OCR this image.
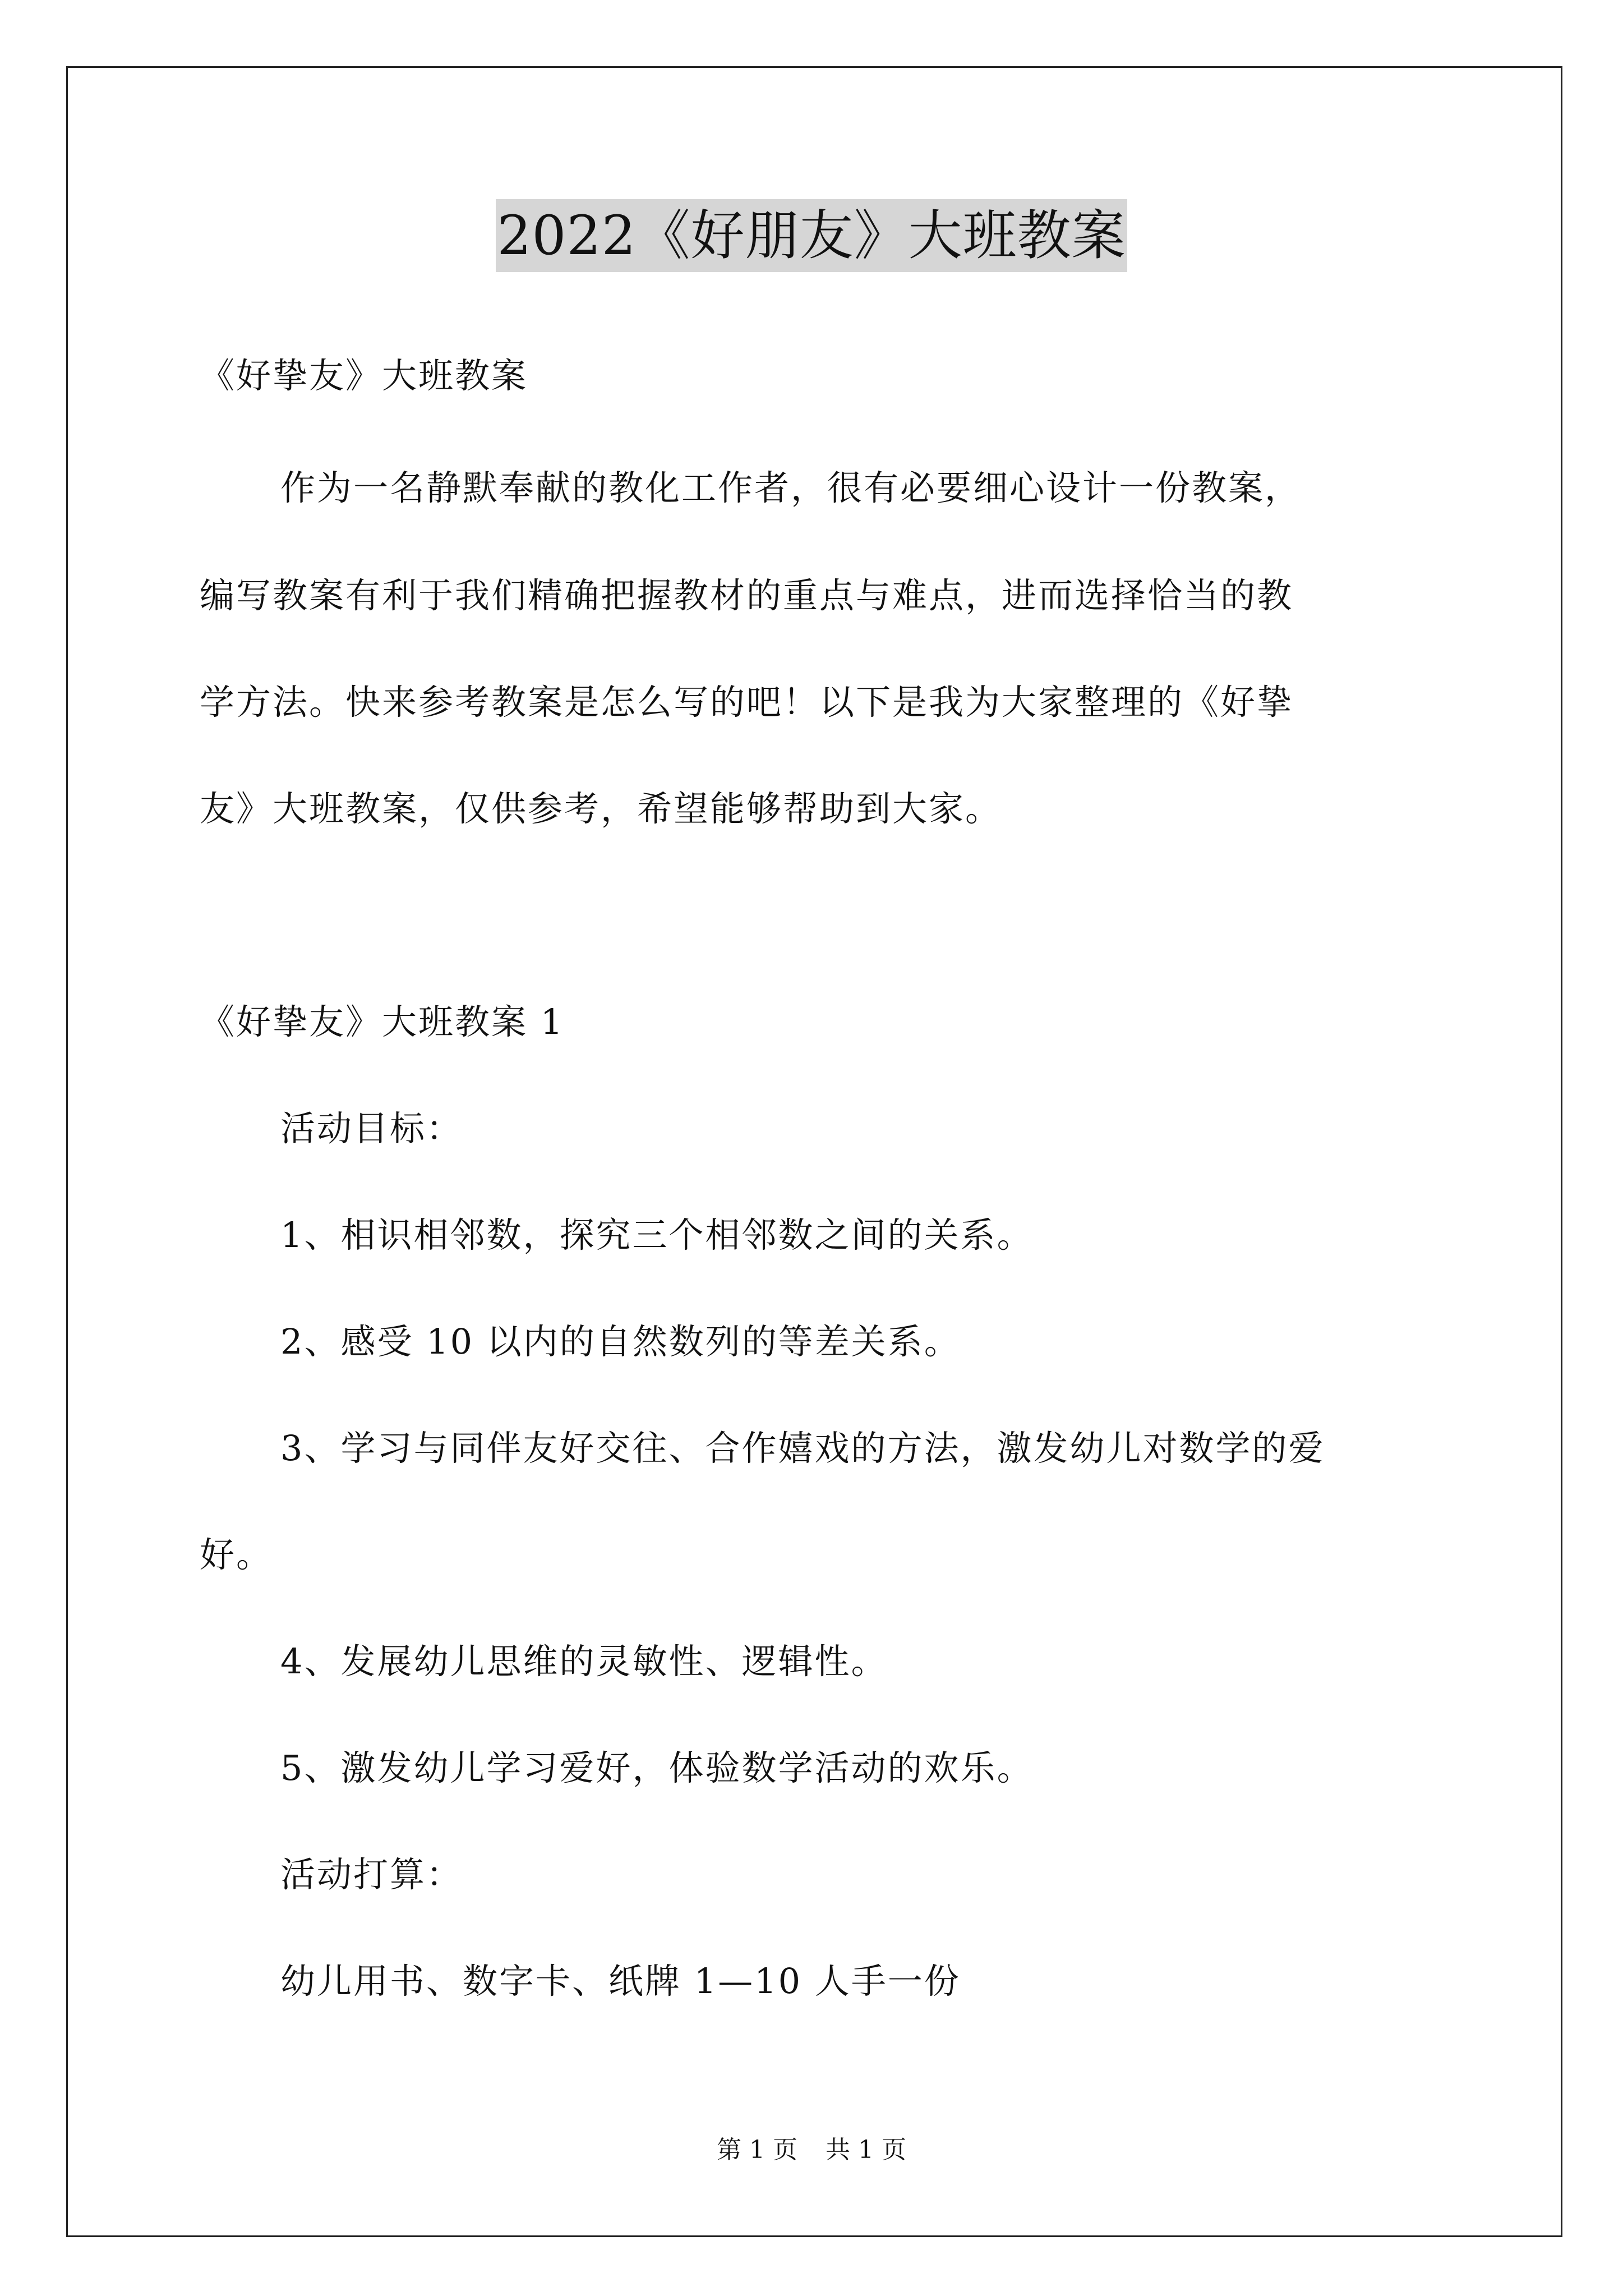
2022《好朋友》大班教案
《好挚友》大班教案
作为一名静默奉献的教化工作者，很有必要细心设计一份教案，
编写教案有利于我们精确把握教材的重点与难点，进而选择恰当的教
学方法。快来参考教案是怎么写的吧！以下是我为大家整理的《好挚
友》大班教案，仅供参考，希望能够帮助到大家。
《好挚友》大班教案 1
活动目标：
1、相识相邻数，探究三个相邻数之间的关系。
2、感受 10 以内的自然数列的等差关系。
3、学习与同伴友好交往、合作嬉戏的方法，激发幼儿对数学的爱
好。
4、发展幼儿思维的灵敏性、逻辑性。
5、激发幼儿学习爱好，体验数学活动的欢乐。
活动打算：
幼儿用书、数字卡、纸牌 1—10 人手一份
第 1 页 共 1 页
